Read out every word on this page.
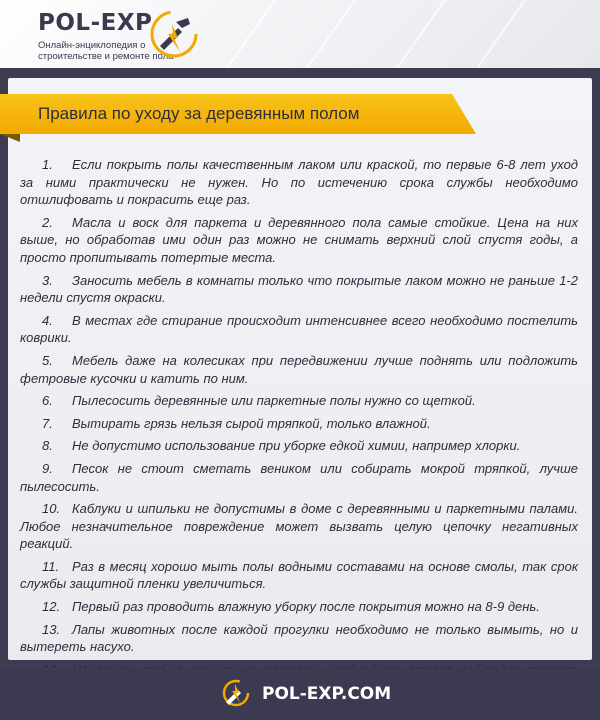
POL-EXP
Онлайн-энциклопедия о
строительстве и ремонте пола
Правила по уходу за деревянным полом
1. Если покрыть полы качественным лаком или краской, то первые 6-8 лет уход за ними практически не нужен. Но по истечению срока службы необходимо отшлифовать и покрасить еще раз.
2. Масла и воск для паркета и деревянного пола самые стойкие. Цена на них выше, но обработав ими один раз можно не снимать верхний слой спустя годы, а просто пропитывать потертые места.
3. Заносить мебель в комнаты только что покрытые лаком можно не раньше 1-2 недели спустя окраски.
4. В местах где стирание происходит интенсивнее всего необходимо постелить коврики.
5. Мебель даже на колесиках при передвижении лучше поднять или подложить фетровые кусочки и катить по ним.
6. Пылесосить деревянные или паркетные полы нужно со щеткой.
7. Вытирать грязь нельзя сырой тряпкой, только влажной.
8. Не допустимо использование при уборке едкой химии, например хлорки.
9. Песок не стоит сметать веником или собирать мокрой тряпкой, лучше пылесосить.
10. Каблуки и шпильки не допустимы в доме с деревянными и паркетными палами. Любое незначительное повреждение может вызвать целую цепочку негативных реакций.
11. Раз в месяц хорошо мыть полы водными составами на основе смолы, так срок службы защитной пленки увеличиться.
12. Первый раз проводить влажную уборку после покрытия можно на 8-9 день.
13. Лапы животных после каждой прогулки необходимо не только вымыть, но и вытереть насухо.
POL-EXP.COM
